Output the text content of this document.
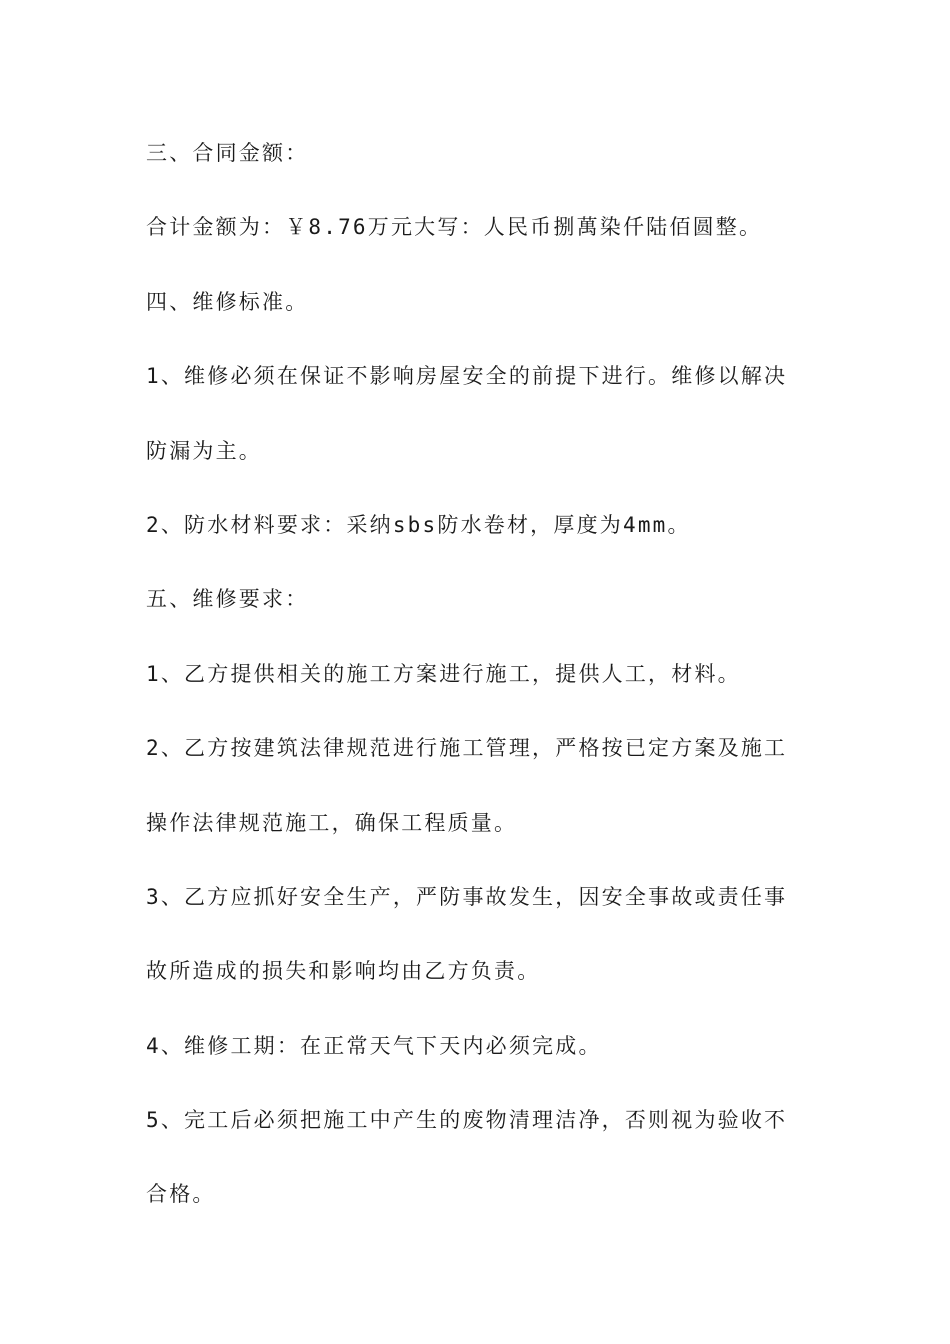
三、合同金额：
合计金额为：￥8.76万元大写：人民币捌萬染仟陆佰圆整。
四、维修标准。
1、维修必须在保证不影响房屋安全的前提下进行。维修以解决
防漏为主。
2、防水材料要求：采纳sbs防水卷材，厚度为4mm。
五、维修要求：
1、乙方提供相关的施工方案进行施工，提供人工，材料。
2、乙方按建筑法律规范进行施工管理，严格按已定方案及施工
操作法律规范施工，确保工程质量。
3、乙方应抓好安全生产，严防事故发生，因安全事故或责任事
故所造成的损失和影响均由乙方负责。
4、维修工期：在正常天气下天内必须完成。
5、完工后必须把施工中产生的废物清理洁净，否则视为验收不
合格。
